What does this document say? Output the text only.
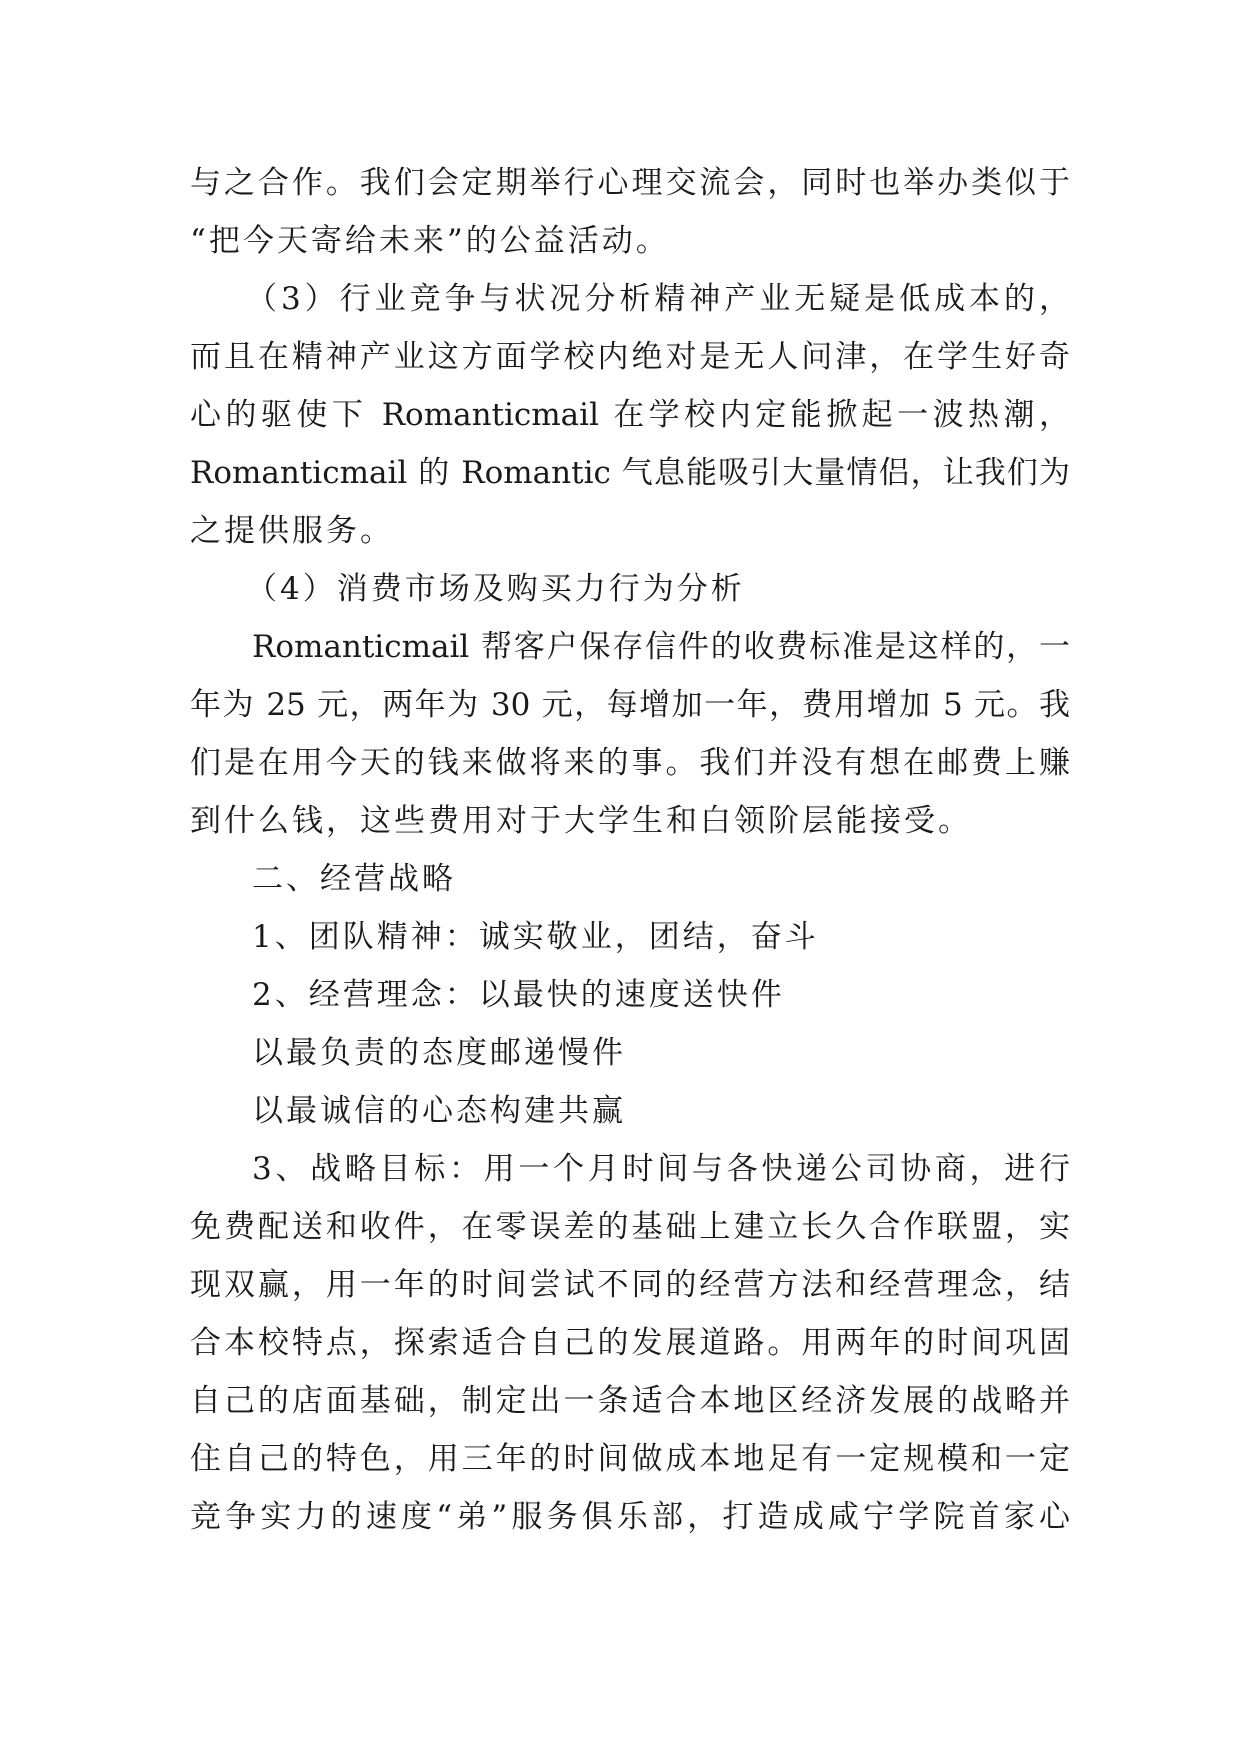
与之合作。我们会定期举行心理交流会，同时也举办类似于
“把今天寄给未来”的公益活动。
（3）行业竞争与状况分析精神产业无疑是低成本的，
而且在精神产业这方面学校内绝对是无人问津，在学生好奇
心的驱使下 Romanticmail 在学校内定能掀起一波热潮，
Romanticmail 的 Romantic 气息能吸引大量情侣，让我们为
之提供服务。
（4）消费市场及购买力行为分析
Romanticmail 帮客户保存信件的收费标准是这样的，一
年为 25 元，两年为 30 元，每增加一年，费用增加 5 元。我
们是在用今天的钱来做将来的事。我们并没有想在邮费上赚
到什么钱，这些费用对于大学生和白领阶层能接受。
二、经营战略
1、团队精神：诚实敬业，团结，奋斗
2、经营理念：以最快的速度送快件
以最负责的态度邮递慢件
以最诚信的心态构建共赢
3、战略目标：用一个月时间与各快递公司协商，进行
免费配送和收件，在零误差的基础上建立长久合作联盟，实
现双赢，用一年的时间尝试不同的经营方法和经营理念，结
合本校特点，探索适合自己的发展道路。用两年的时间巩固
自己的店面基础，制定出一条适合本地区经济发展的战略并
住自己的特色，用三年的时间做成本地足有一定规模和一定
竞争实力的速度“弟”服务俱乐部，打造成咸宁学院首家心
